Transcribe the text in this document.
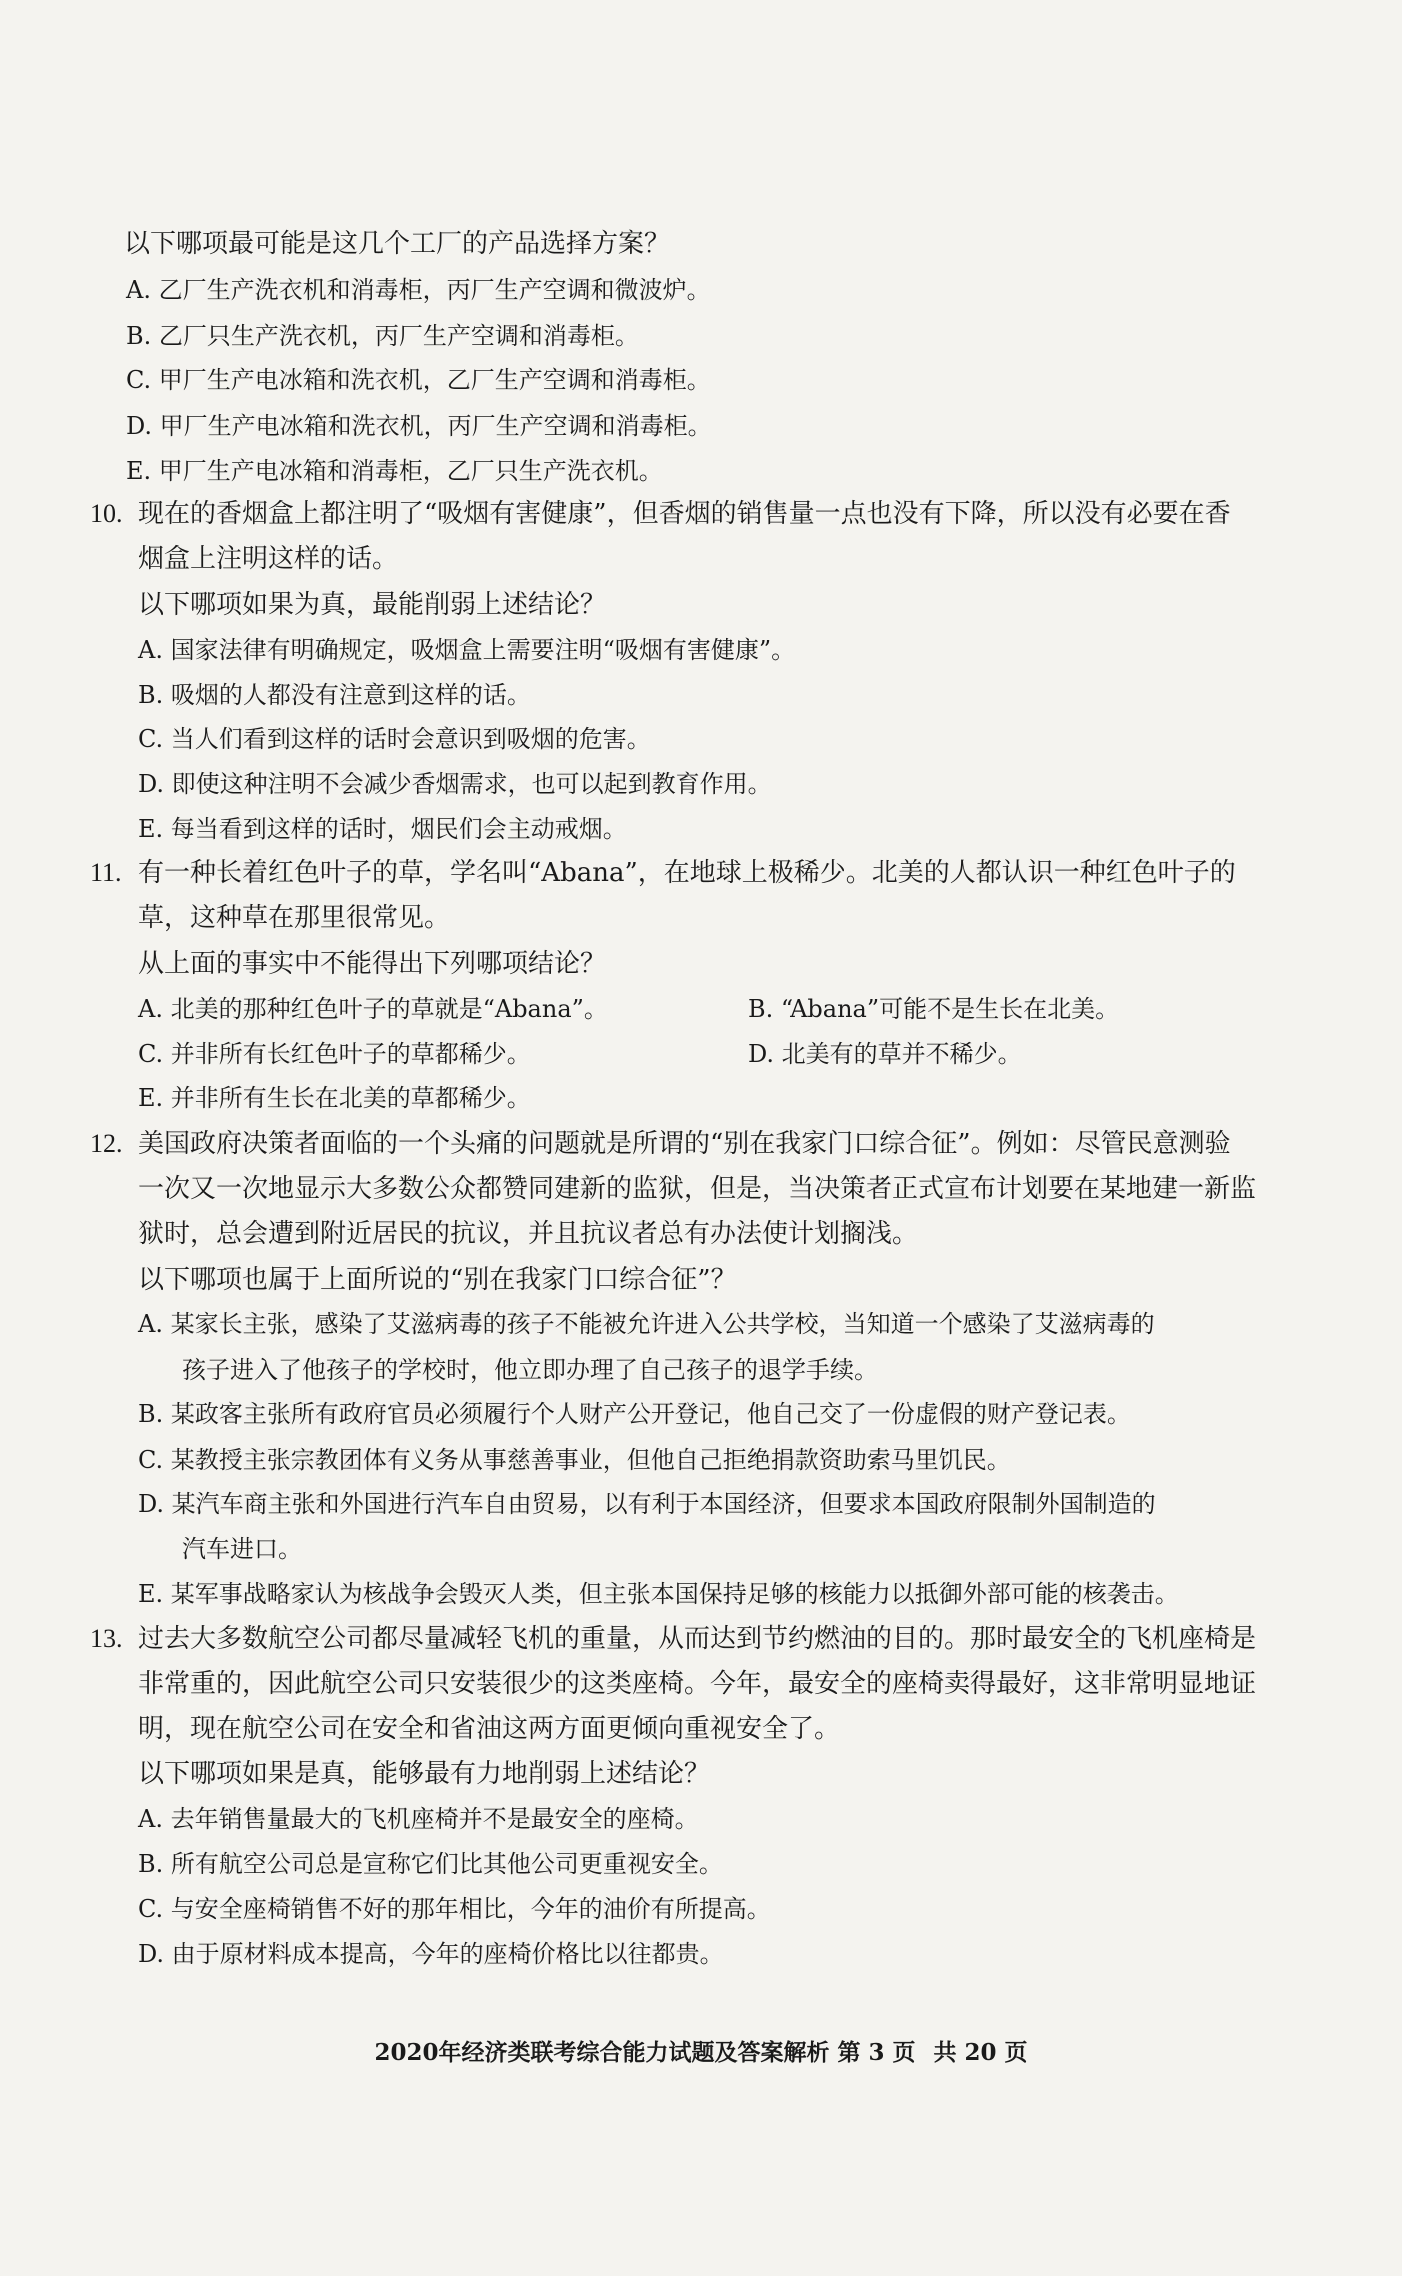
以下哪项最可能是这几个工厂的产品选择方案？
A. 乙厂生产洗衣机和消毒柜，丙厂生产空调和微波炉。
B. 乙厂只生产洗衣机，丙厂生产空调和消毒柜。
C. 甲厂生产电冰箱和洗衣机，乙厂生产空调和消毒柜。
D. 甲厂生产电冰箱和洗衣机，丙厂生产空调和消毒柜。
E. 甲厂生产电冰箱和消毒柜，乙厂只生产洗衣机。
10. 现在的香烟盒上都注明了“吸烟有害健康”，但香烟的销售量一点也没有下降，所以没有必要在香
烟盒上注明这样的话。
以下哪项如果为真，最能削弱上述结论？
A. 国家法律有明确规定，吸烟盒上需要注明“吸烟有害健康”。
B. 吸烟的人都没有注意到这样的话。
C. 当人们看到这样的话时会意识到吸烟的危害。
D. 即使这种注明不会减少香烟需求，也可以起到教育作用。
E. 每当看到这样的话时，烟民们会主动戒烟。
11. 有一种长着红色叶子的草，学名叫“Abana”，在地球上极稀少。北美的人都认识一种红色叶子的
草，这种草在那里很常见。
从上面的事实中不能得出下列哪项结论？
A. 北美的那种红色叶子的草就是“Abana”。	B. “Abana”可能不是生长在北美。
C. 并非所有长红色叶子的草都稀少。	D. 北美有的草并不稀少。
E. 并非所有生长在北美的草都稀少。
12. 美国政府决策者面临的一个头痛的问题就是所谓的“别在我家门口综合征”。例如：尽管民意测验
一次又一次地显示大多数公众都赞同建新的监狱，但是，当决策者正式宣布计划要在某地建一新监
狱时，总会遭到附近居民的抗议，并且抗议者总有办法使计划搁浅。
以下哪项也属于上面所说的“别在我家门口综合征”？
A. 某家长主张，感染了艾滋病毒的孩子不能被允许进入公共学校，当知道一个感染了艾滋病毒的
孩子进入了他孩子的学校时，他立即办理了自己孩子的退学手续。
B. 某政客主张所有政府官员必须履行个人财产公开登记，他自己交了一份虚假的财产登记表。
C. 某教授主张宗教团体有义务从事慈善事业，但他自己拒绝捐款资助索马里饥民。
D. 某汽车商主张和外国进行汽车自由贸易，以有利于本国经济，但要求本国政府限制外国制造的
汽车进口。
E. 某军事战略家认为核战争会毁灭人类，但主张本国保持足够的核能力以抵御外部可能的核袭击。
13. 过去大多数航空公司都尽量减轻飞机的重量，从而达到节约燃油的目的。那时最安全的飞机座椅是
非常重的，因此航空公司只安装很少的这类座椅。今年，最安全的座椅卖得最好，这非常明显地证
明，现在航空公司在安全和省油这两方面更倾向重视安全了。
以下哪项如果是真，能够最有力地削弱上述结论？
A. 去年销售量最大的飞机座椅并不是最安全的座椅。
B. 所有航空公司总是宣称它们比其他公司更重视安全。
C. 与安全座椅销售不好的那年相比，今年的油价有所提高。
D. 由于原材料成本提高，今年的座椅价格比以往都贵。
2020年经济类联考综合能力试题及答案解析 第 3 页 共 20 页
